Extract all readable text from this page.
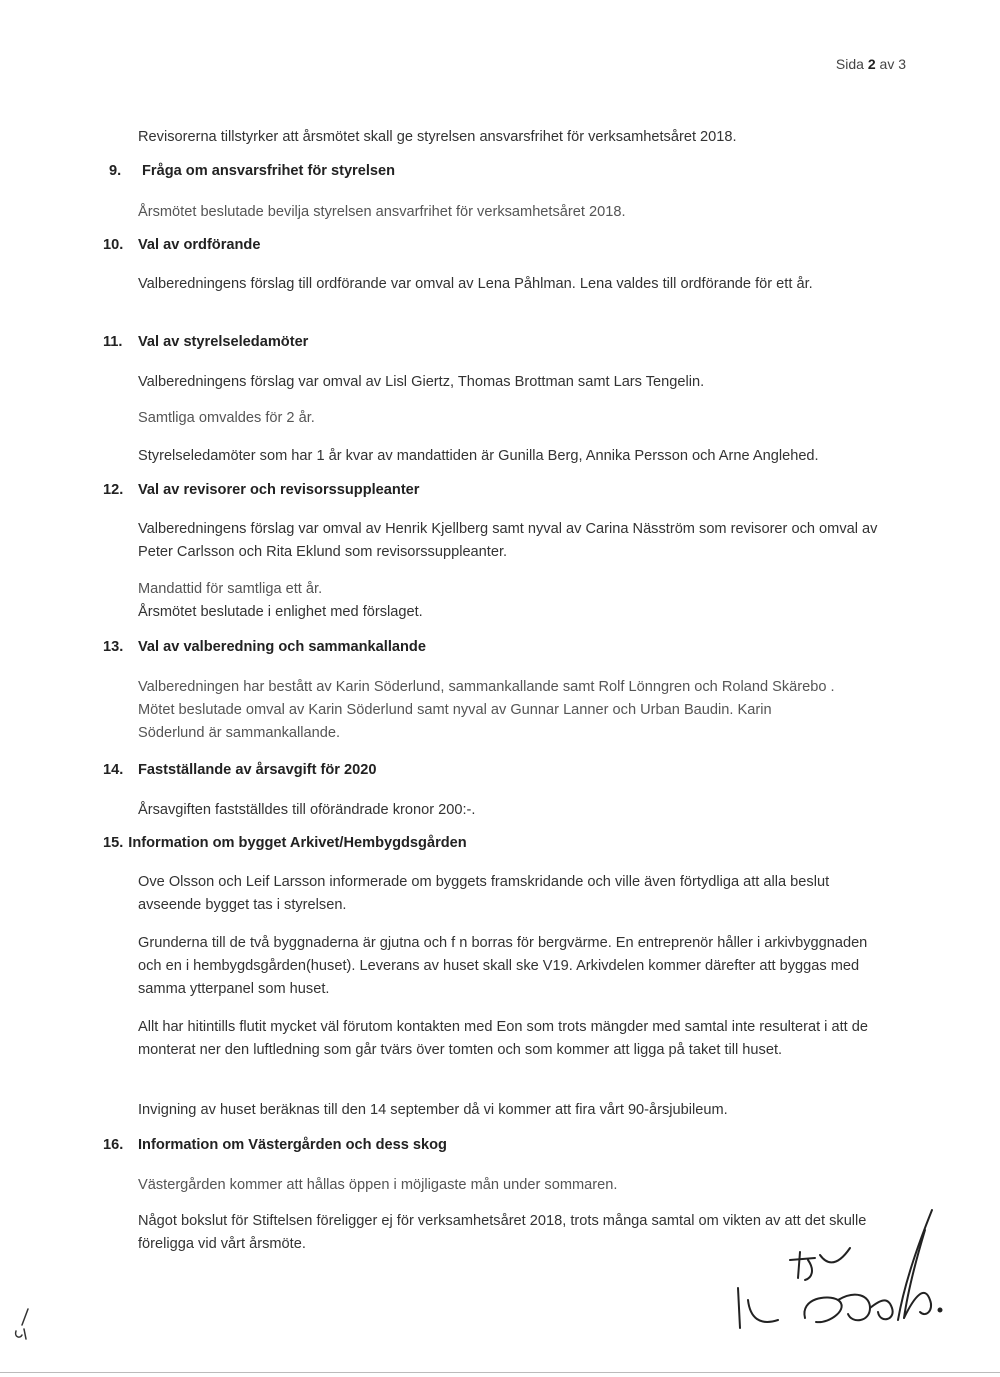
Sida 2 av 3

Revisorerna tillstyrker att årsmötet skall ge styrelsen ansvarsfrihet för verksamhetsåret 2018.

9. Fråga om ansvarsfrihet för styrelsen

Årsmötet beslutade bevilja styrelsen ansvarfrihet för verksamhetsåret 2018.

10. Val av ordförande

Valberedningens förslag till ordförande var omval av Lena Påhlman. Lena valdes till ordförande för ett år.

11. Val av styrelseledamöter

Valberedningens förslag var omval av Lisl Giertz, Thomas Brottman samt Lars Tengelin.

Samtliga omvaldes för 2 år.

Styrelseledamöter som har 1 år kvar av mandattiden är Gunilla Berg, Annika Persson och Arne Anglehed.

12. Val av revisorer och revisorssuppleanter

Valberedningens förslag var omval av Henrik Kjellberg samt nyval av Carina Näsström som revisorer och omval av Peter Carlsson och Rita Eklund som revisorssuppleanter.

Mandattid för samtliga ett år.

Årsmötet beslutade i enlighet med förslaget.

13. Val av valberedning och sammankallande

Valberedningen har bestått av Karin Söderlund, sammankallande samt Rolf Lönngren och Roland Skärebo . Mötet beslutade omval av Karin Söderlund samt nyval av Gunnar Lanner och Urban Baudin. Karin Söderlund är sammankallande.

14. Fastställande av årsavgift för 2020

Årsavgiften fastställdes till oförändrade kronor 200:-.

15. Information om bygget Arkivet/Hembygdsgården

Ove Olsson och Leif Larsson informerade om byggets framskridande och ville även förtydliga att alla beslut avseende bygget tas i styrelsen.

Grunderna till de två byggnaderna är gjutna och f n borras för bergvärme. En entreprenör håller i arkivbyggnaden och en i hembygdsgården(huset). Leverans av huset skall ske V19. Arkivdelen kommer därefter att byggas med samma ytterpanel som huset.

Allt har hitintills flutit mycket väl förutom kontakten med Eon som trots mängder med samtal inte resulterat i att de monterat ner den luftledning som går tvärs över tomten och som kommer att ligga på taket till huset.

Invigning av huset beräknas till den 14 september då vi kommer att fira vårt 90-årsjubileum.

16. Information om Västergården och dess skog

Västergården kommer att hållas öppen i möjligaste mån under sommaren.

Något bokslut för Stiftelsen föreligger ej för verksamhetsåret 2018, trots många samtal om vikten av att det skulle föreligga vid vårt årsmöte.
